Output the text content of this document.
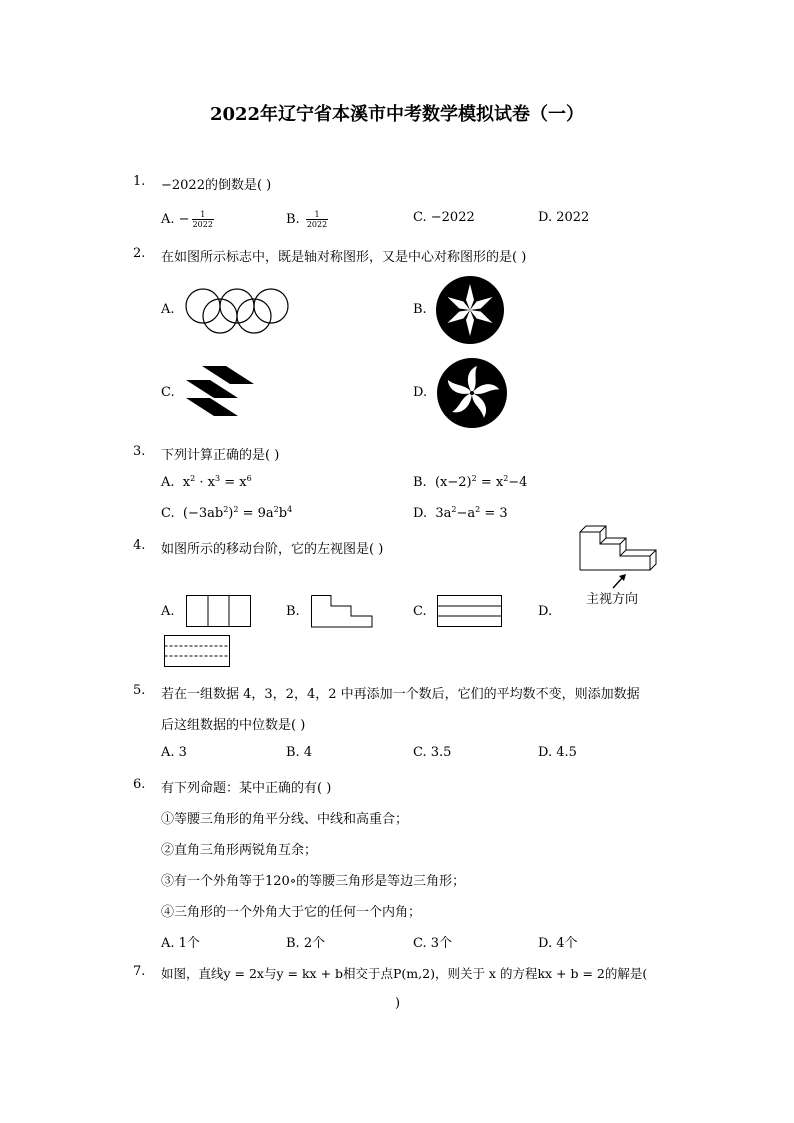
2022年辽宁省本溪市中考数学模拟试卷（一）
1. −2022的倒数是( )
A. − $\frac{1}{2022}$	B. $\frac{1}{2022}$	C. −2022	D. 2022
2. 在如图所示标志中，既是轴对称图形，又是中心对称图形的是( )
A.	B.
C.	D.
3. 下列计算正确的是( )
A. $x^2 \cdot x^3 = x^6$	B. $(x-2)^2 = x^2-4$
C. $(-3ab^2)^2 = 9a^2b^4$	D. $3a^2-a^2 = 3$
4. 如图所示的移动台阶，它的左视图是( )
主视方向
A.	B.	C.	D.
5. 若在一组数据 4，3，2，4，2 中再添加一个数后，它们的平均数不变，则添加数据
后这组数据的中位数是( )
A. 3	B. 4	C. 3.5	D. 4.5
6. 有下列命题：某中正确的有( )
①等腰三角形的角平分线、中线和高重合；
②直角三角形两锐角互余；
③有一个外角等于120∘的等腰三角形是等边三角形；
④三角形的一个外角大于它的任何一个内角；
A. 1个	B. 2个	C. 3个	D. 4个
7. 如图，直线y = 2x与y = kx + b相交于点P(m,2)，则关于 x 的方程kx + b = 2的解是(
)
